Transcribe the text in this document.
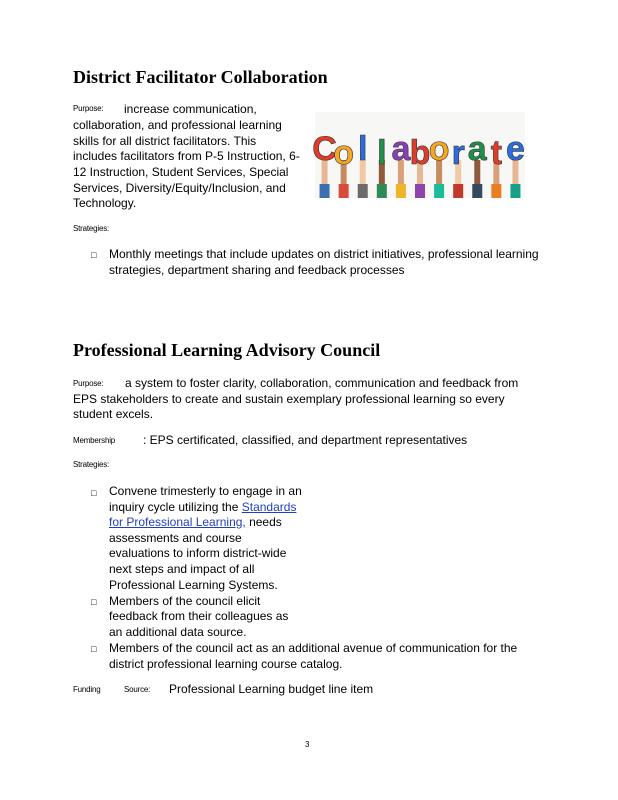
District Facilitator Collaboration
Purpose: increase communication,
collaboration, and professional learning
skills for all district facilitators. This
includes facilitators from P-5 Instruction, 6-
12 Instruction, Student Services, Special
Services, Diversity/Equity/Inclusion, and
Technology.
C
o l l a b
o r a t e
Strategies:
□ Monthly meetings that include updates on district initiatives, professional learning
strategies, department sharing and feedback processes
Professional Learning Advisory Council
Purpose: a system to foster clarity, collaboration, communication and feedback from
EPS stakeholders to create and sustain exemplary professional learning so every
student excels.
Membership : EPS certificated, classified, and department representatives
Strategies:
□ Convene trimesterly to engage in an
inquiry cycle utilizing the Standards
for Professional Learning, needs
assessments and course
evaluations to inform district-wide
next steps and impact of all
Professional Learning Systems.
□ Members of the council elicit
feedback from their colleagues as
an additional data source.
□ Members of the council act as an additional avenue of communication for the
district professional learning course catalog.
Funding	Source: Professional Learning budget line item
3
